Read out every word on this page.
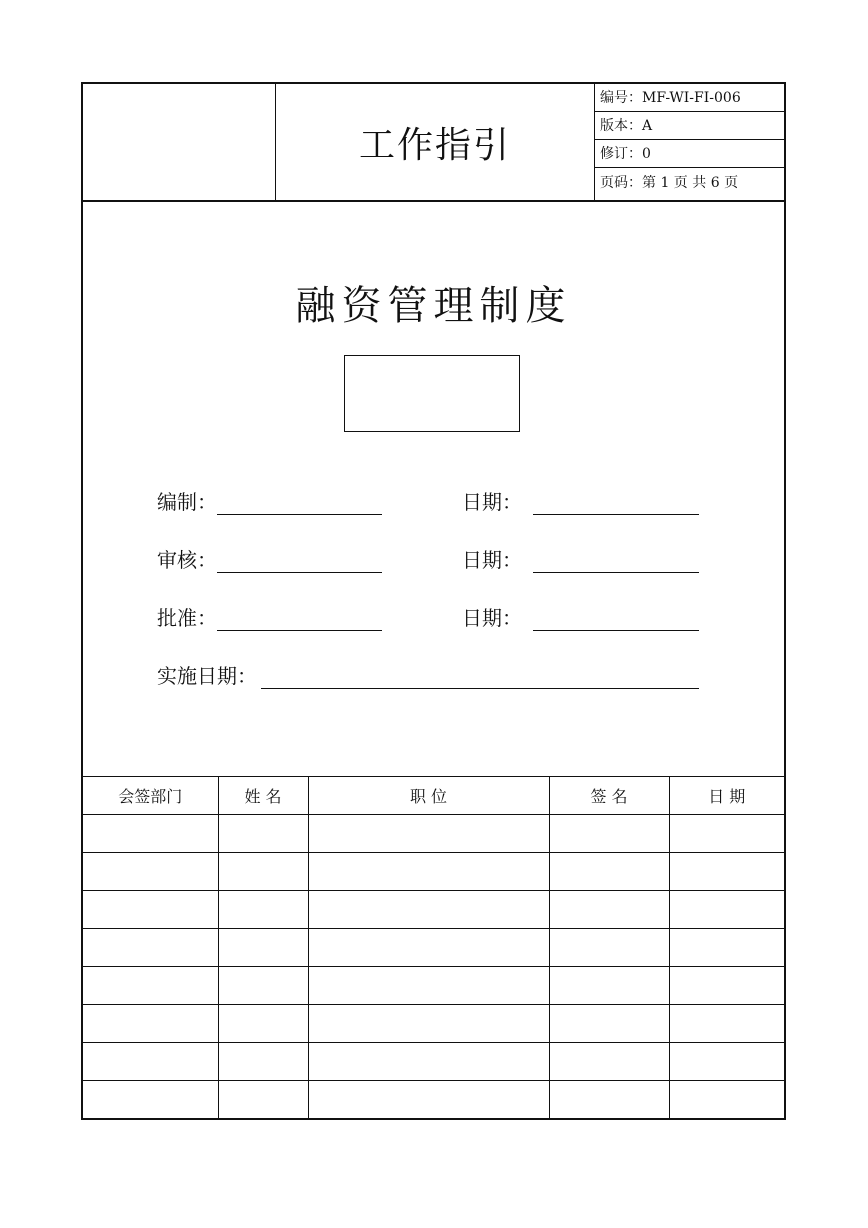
工作指引
编号：MF-WI-FI-006
版本：A
修订：0
页码：第 1 页 共 6 页
融资管理制度
编制：	日期：
审核：	日期：
批准：	日期：
实施日期：
会签部门	姓 名	职 位	签 名	日 期
